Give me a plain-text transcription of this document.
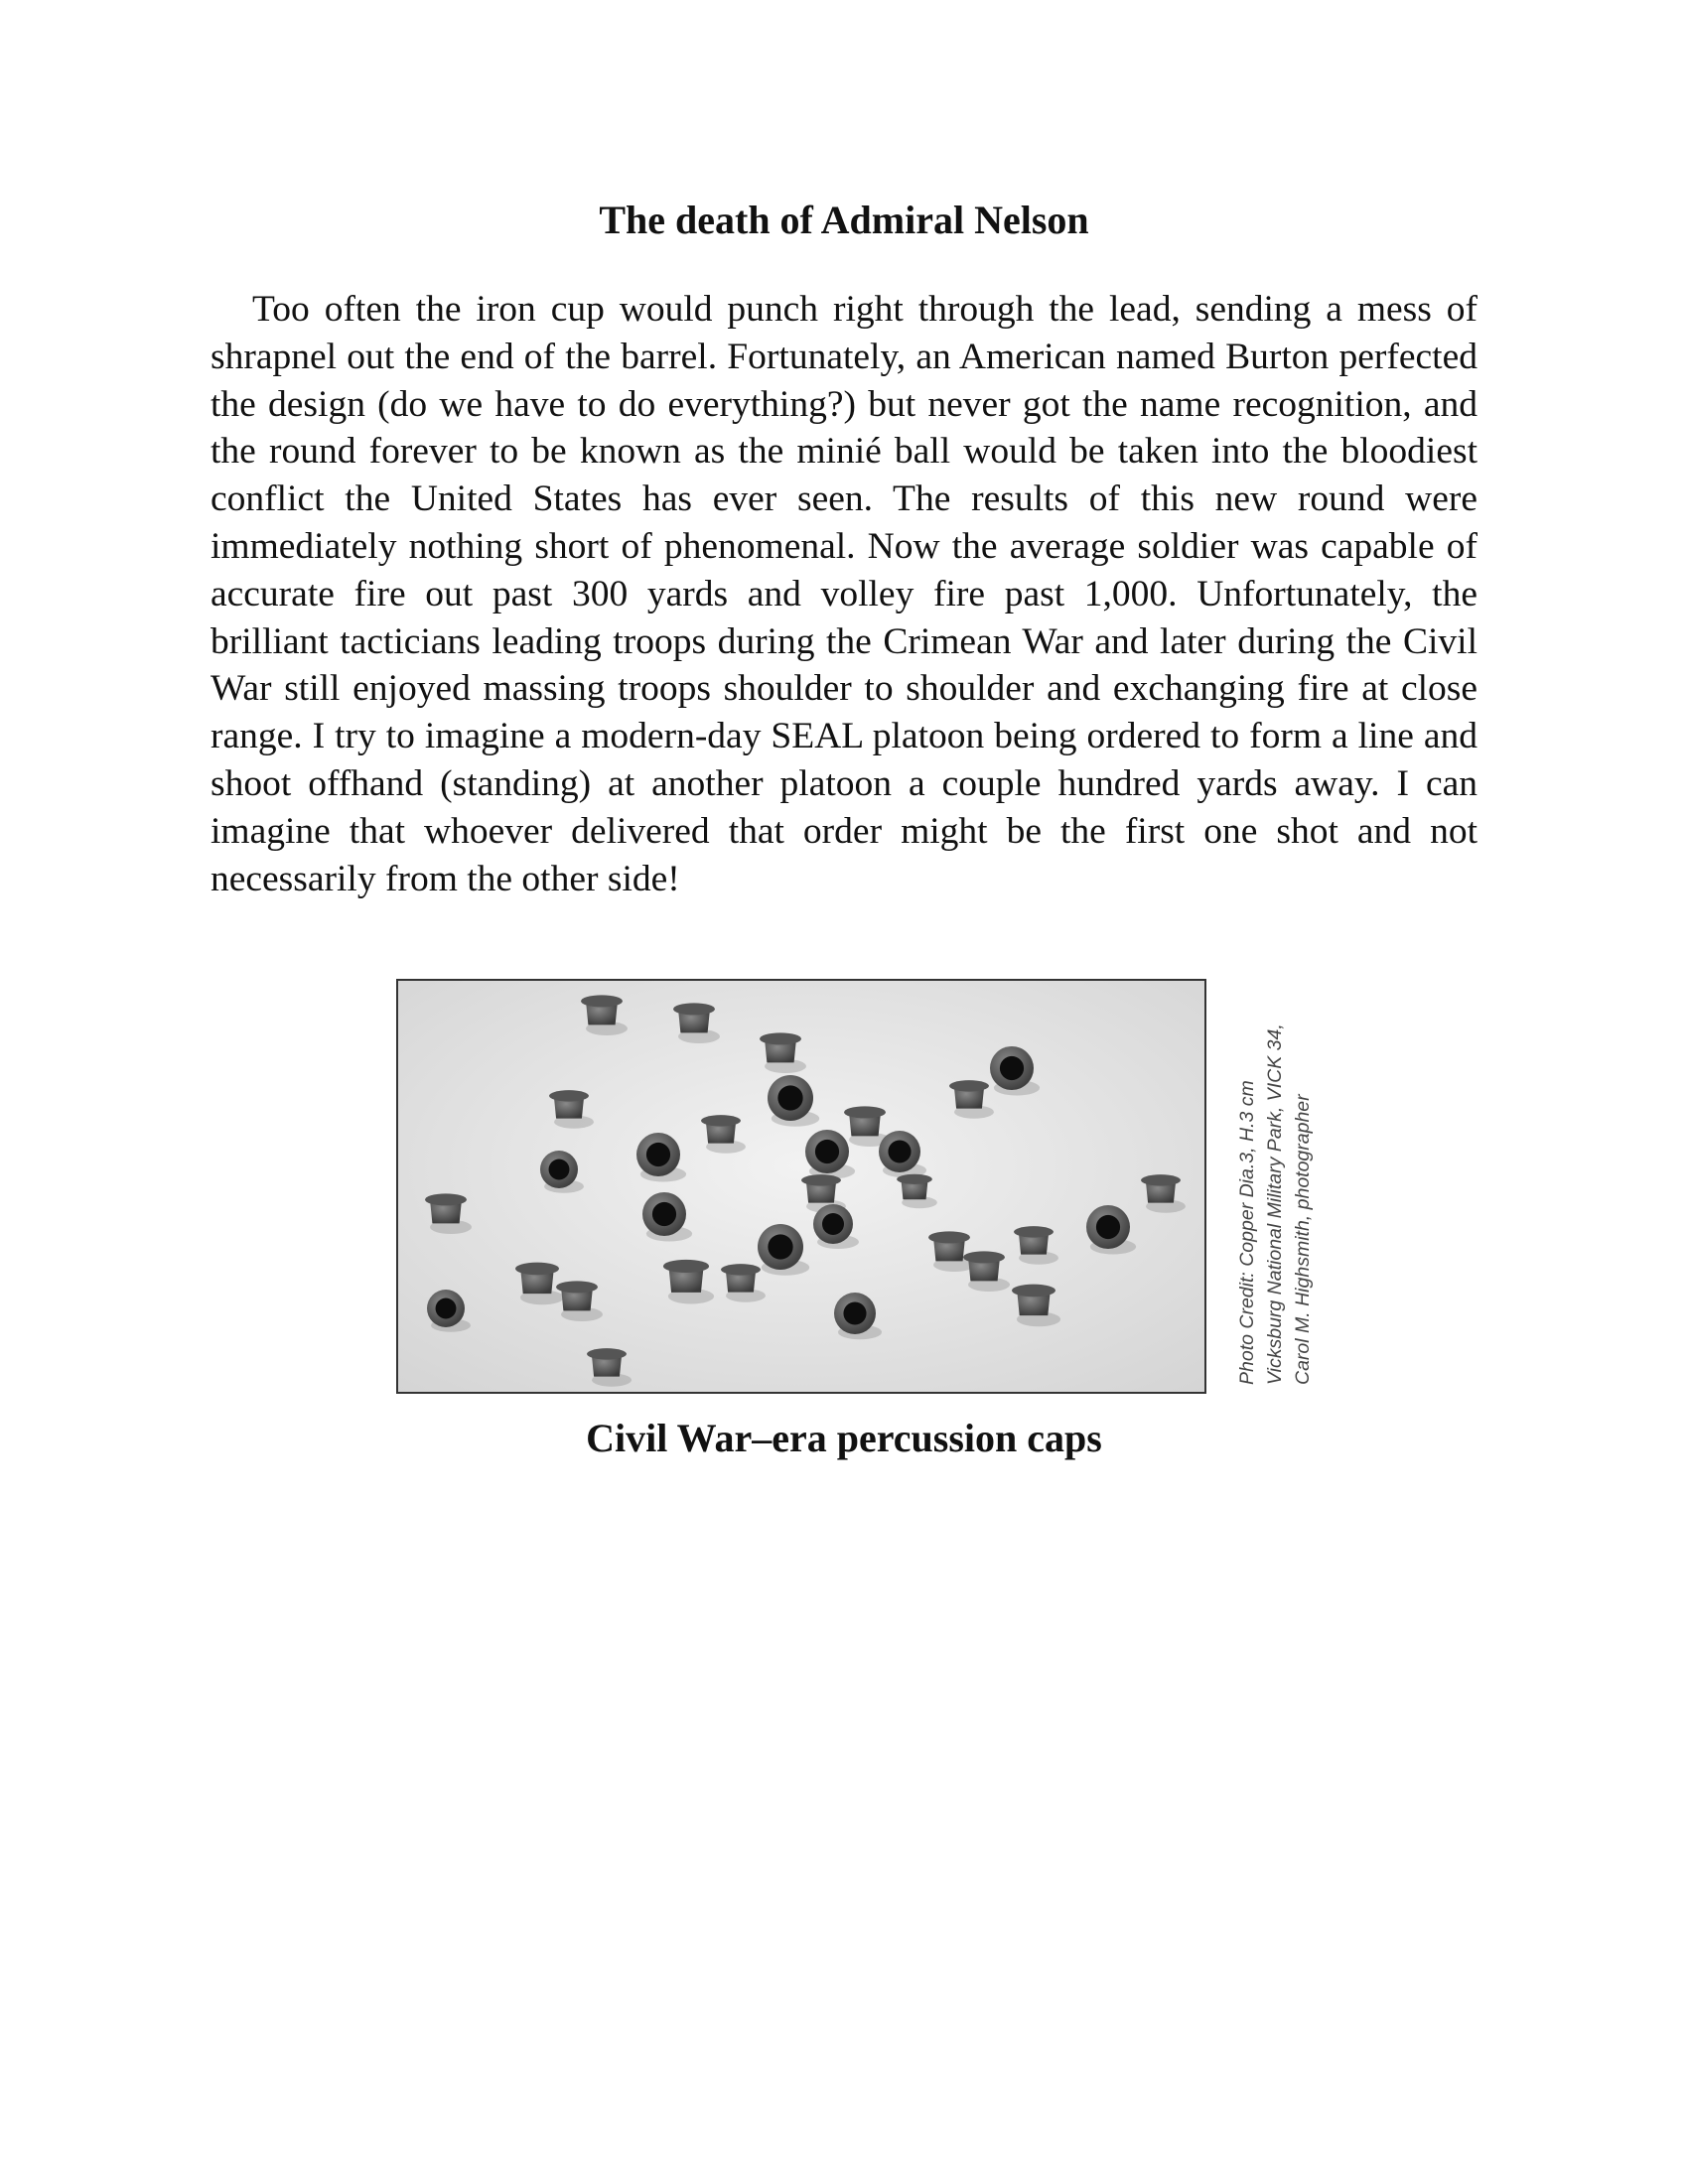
The death of Admiral Nelson

Too often the iron cup would punch right through the lead, sending a mess of shrapnel out the end of the barrel. Fortunately, an American named Burton perfected the design (do we have to do everything?) but never got the name recognition, and the round forever to be known as the minié ball would be taken into the bloodiest conflict the United States has ever seen. The results of this new round were immediately nothing short of phenomenal. Now the average soldier was capable of accurate fire out past 300 yards and volley fire past 1,000. Unfortunately, the brilliant tacticians leading troops during the Crimean War and later during the Civil War still enjoyed massing troops shoulder to shoulder and exchanging fire at close range. I try to imagine a modern-day SEAL platoon being ordered to form a line and shoot offhand (standing) at another platoon a couple hundred yards away. I can imagine that whoever delivered that order might be the first one shot and not necessarily from the other side!

Photo Credit: Copper Dia.3, H.3 cm Vicksburg National Military Park, VICK 34, Carol M. Highsmith, photographer

Civil War–era percussion caps
